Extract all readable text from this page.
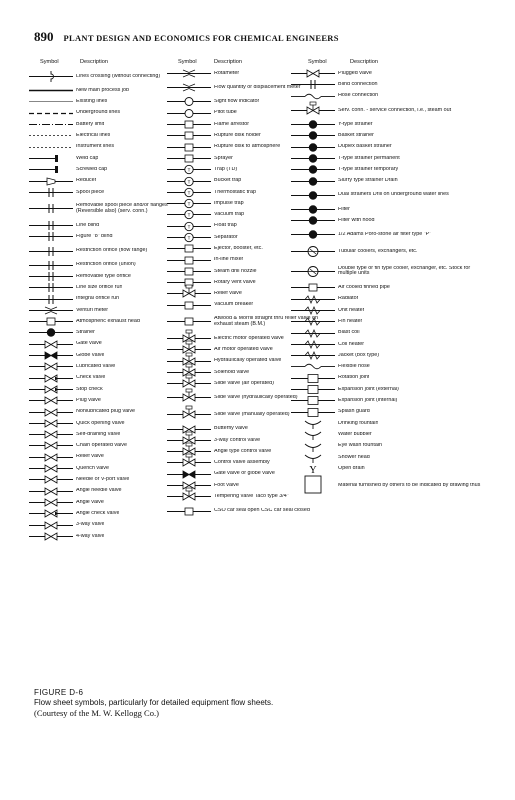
890 PLANT DESIGN AND ECONOMICS FOR CHEMICAL ENGINEERS
Symbol	Description	Symbol	Description	Symbol	Description
Lines crossing (without connecting)
New main process job
Existing lines
Underground lines
Battery limit
Electrical lines
Instrument lines
Weld cap
Screwed cap
Reducer
Spool piece
Removable spool piece and/or flanges (Reversible also) (serv. conn.)
Line blind
Figure "8" blind
Restriction orifice (flow range)
Restriction orifice (union)
Removable type orifice
Line size orifice run
Integral orifice run
Venturi meter
Atmospheric exhaust head
Strainer
Gate valve
Globe valve
Lubricated valve
Check valve
Stop check
Plug valve
Nonlubricated plug valve
Quick opening valve
Self-draining valve
Chain operated valve
Relief valve
Quench valve
Needle or V-port valve
Angle needle valve
Angle valve
Angle check valve
3-way valve
4-way valve
Rotameter
Flow quantity or displacement meter
Sight flow indicator
Pitot tube
Flame arrestor
Rupture disk holder
Rupture disk to atmosphere
Sprayer
T	Trap (TD)
T	Bucket trap
T	Thermostatic trap
T	Impulse trap
T	Vacuum trap
T	Float trap
T	Separator
Ejector, booster, etc.
In-line mixer
Steam drill nozzle
Rotary vent valve
Relief valve
Vacuum breaker
Atwood & Morrill straight thru relief valve on exhaust steam (B.M.)
Electric motor operated valve
Air motor operated valve
Hydraulically operated valve
Solenoid valve
Slide valve (air operated)
Slide valve (hydraulically operated)
Slide valve (manually operated)
Butterfly valve
3-way control valve
Angle type control valve
Control valve assembly
Gate valve or globe valve
Foot valve
Tempering valve Taco type 3/4"
CSO car seal open CSC car seal closed
Plugged valve
Blind connection
Hose connection
Serv. conn. - service connection, i.e., steam out
Y-type strainer
Basket strainer
Duplex basket strainer
T-type strainer permanent
T-type strainer temporary
Slurry type strainer Drain
Dual strainers Drill on underground water lines
Filter
Filter with hood
1/2 Adams Poro-stone air filter type "P"
Tubular coolers, exchangers, etc.
Double type or fin type cooler, exchanger, etc. Stock for multiple units
Air cooled finned pipe
Radiator
Unit heater
Fin heater
Blast coil
Coil heater
Jacket (box type)
Flexible hose
Rotation joint
Expansion joint (external)
Expansion joint (internal)
Splash guard
Drinking fountain
Water bubbler
Eye wash fountain
Shower head
Y	Open drain
Material furnished by others to be indicated by drawing thus
FIGURE D-6
Flow sheet symbols, particularly for detailed equipment flow sheets.
(Courtesy of the M. W. Kellogg Co.)
